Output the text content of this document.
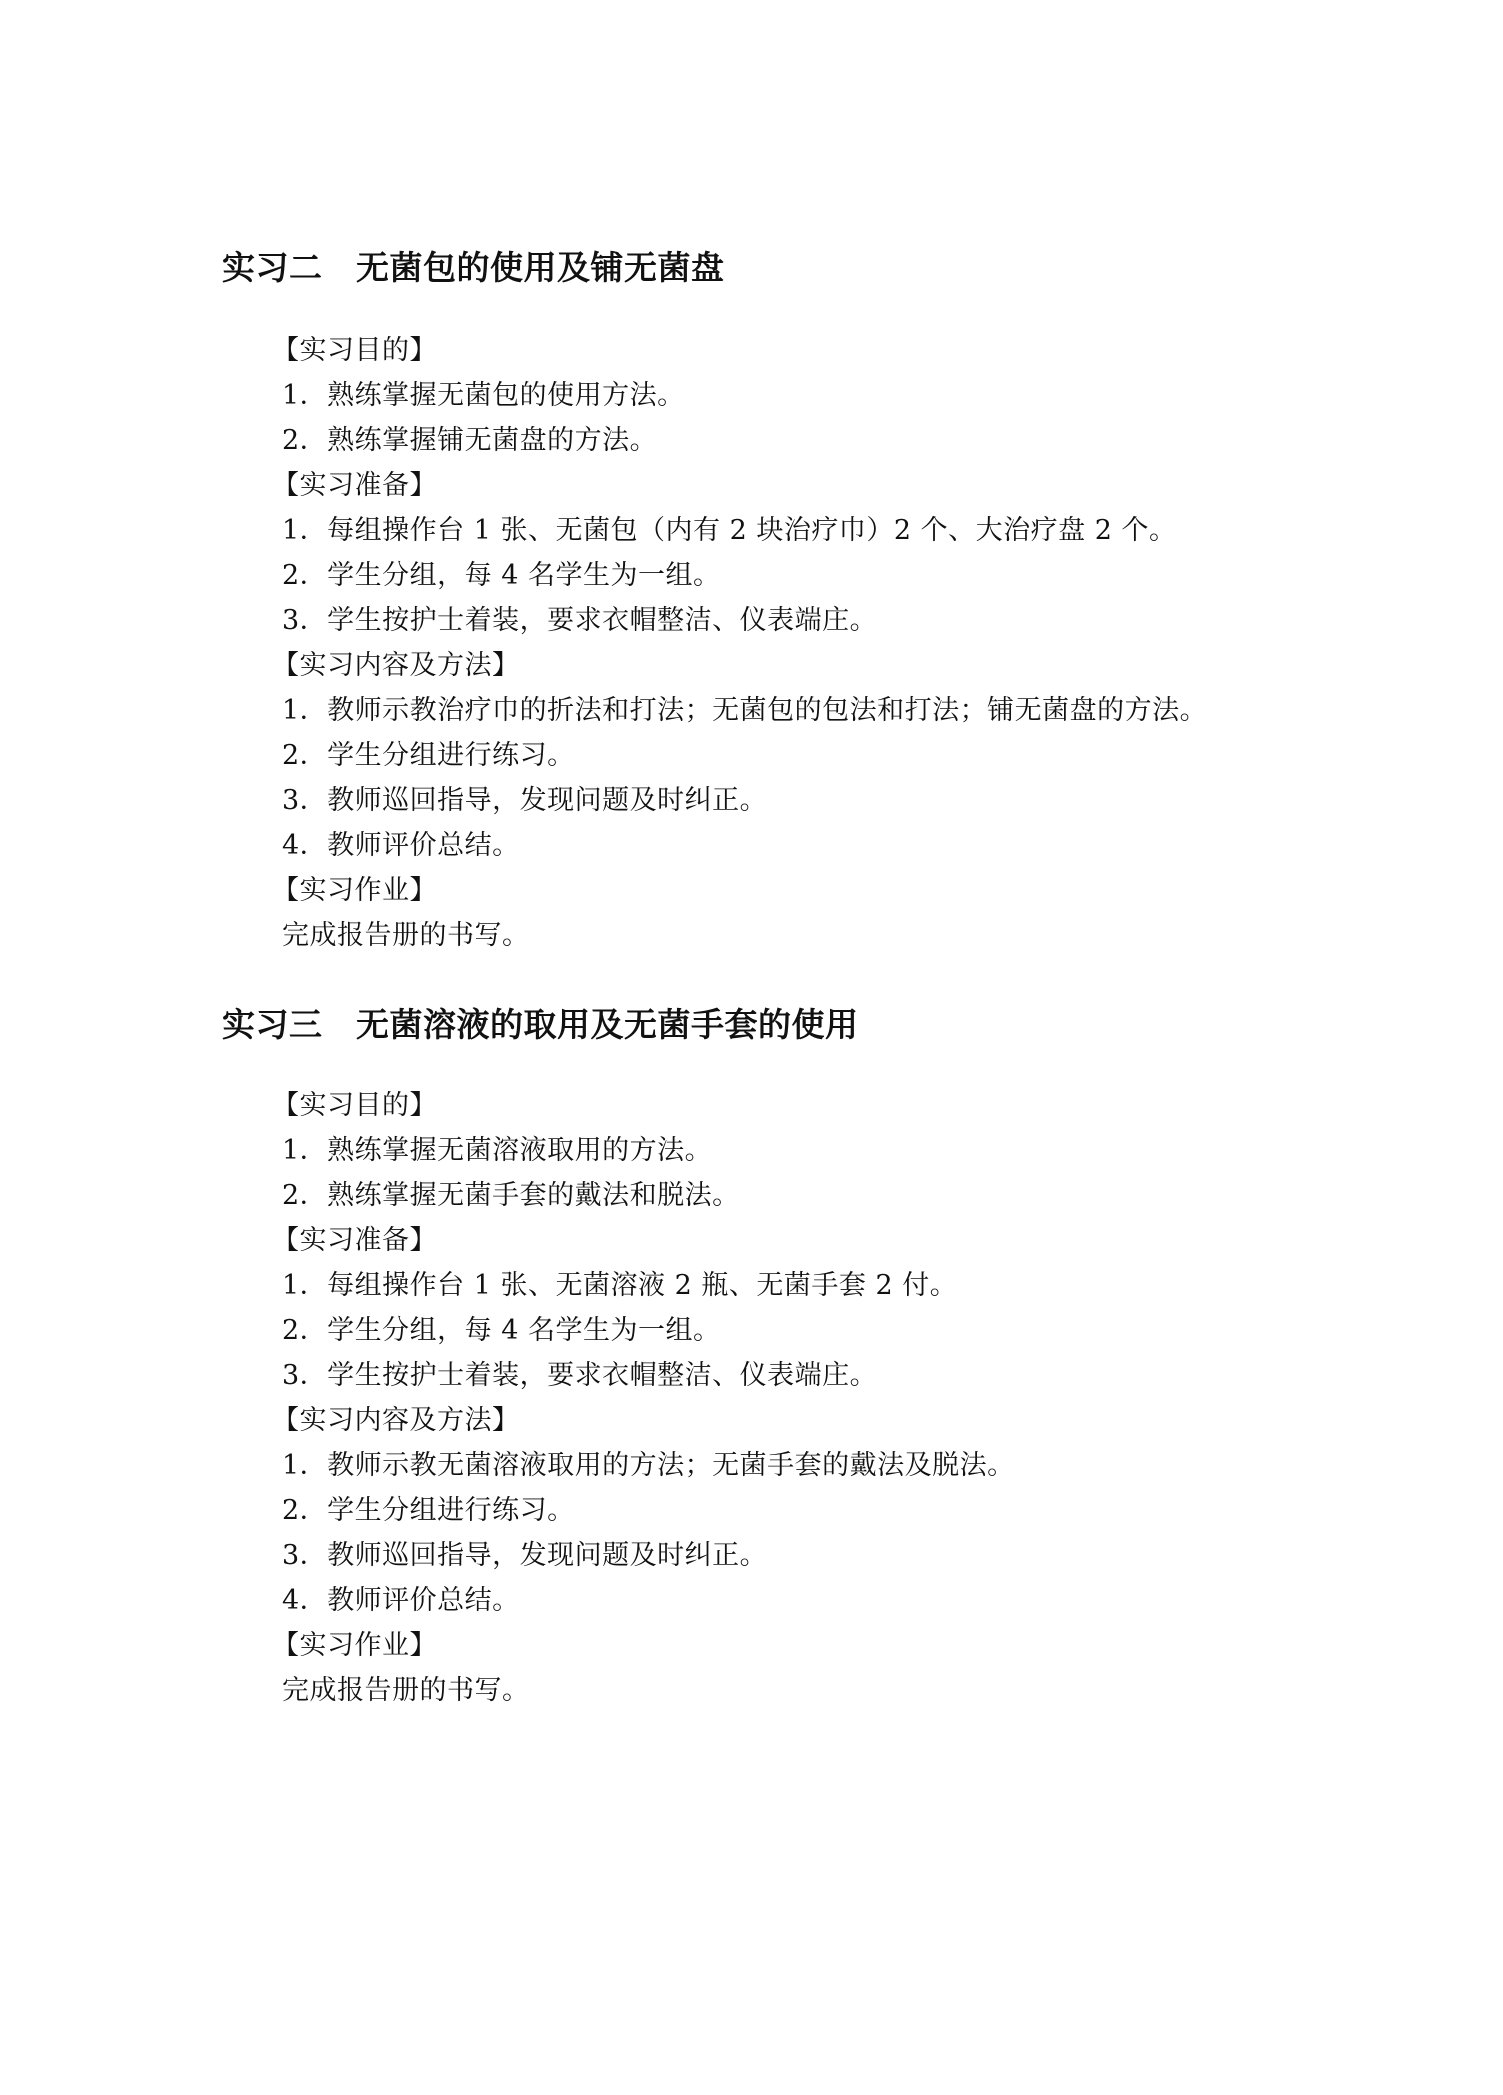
实习二　无菌包的使用及铺无菌盘
【实习目的】
1．熟练掌握无菌包的使用方法。
2．熟练掌握铺无菌盘的方法。
【实习准备】
1．每组操作台 1 张、无菌包（内有 2 块治疗巾）2 个、大治疗盘 2 个。
2．学生分组，每 4 名学生为一组。
3．学生按护士着装，要求衣帽整洁、仪表端庄。
【实习内容及方法】
1．教师示教治疗巾的折法和打法；无菌包的包法和打法；铺无菌盘的方法。
2．学生分组进行练习。
3．教师巡回指导，发现问题及时纠正。
4．教师评价总结。
【实习作业】
完成报告册的书写。
实习三　无菌溶液的取用及无菌手套的使用
【实习目的】
1．熟练掌握无菌溶液取用的方法。
2．熟练掌握无菌手套的戴法和脱法。
【实习准备】
1．每组操作台 1 张、无菌溶液 2 瓶、无菌手套 2 付。
2．学生分组，每 4 名学生为一组。
3．学生按护士着装，要求衣帽整洁、仪表端庄。
【实习内容及方法】
1．教师示教无菌溶液取用的方法；无菌手套的戴法及脱法。
2．学生分组进行练习。
3．教师巡回指导，发现问题及时纠正。
4．教师评价总结。
【实习作业】
完成报告册的书写。
